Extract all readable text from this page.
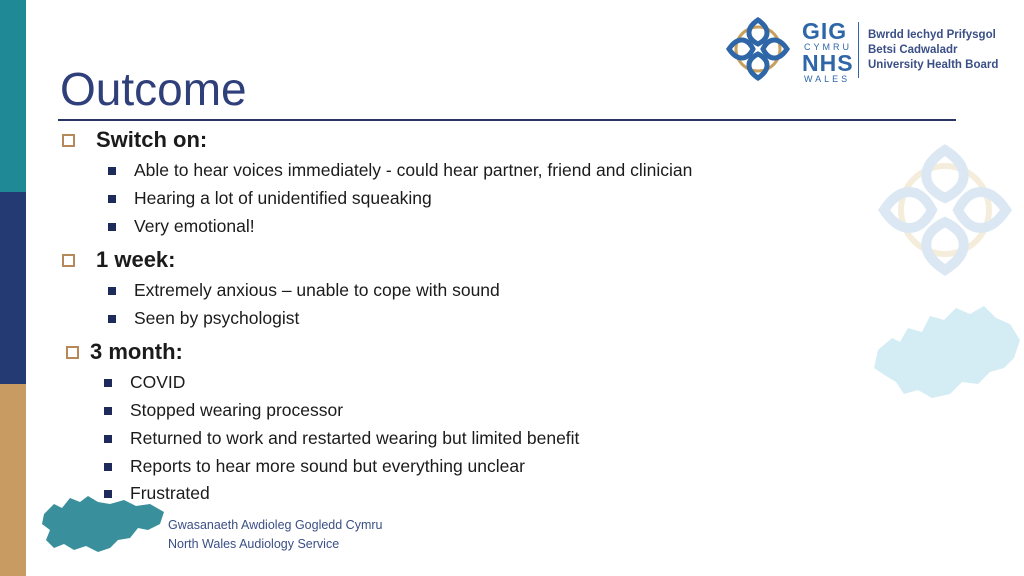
Outcome
GIG
CYMRU
NHS
WALES
Bwrdd Iechyd Prifysgol
Betsi Cadwaladr
University Health Board
Switch on:
Able to hear voices immediately - could hear partner, friend and clinician
Hearing a lot of unidentified squeaking
Very emotional!
1 week:
Extremely anxious – unable to cope with sound
Seen by psychologist
3 month:
COVID
Stopped wearing processor
Returned to work and restarted wearing but limited benefit
Reports to hear more sound but everything unclear
Frustrated
Gwasanaeth Awdioleg Gogledd Cymru
North Wales Audiology Service
